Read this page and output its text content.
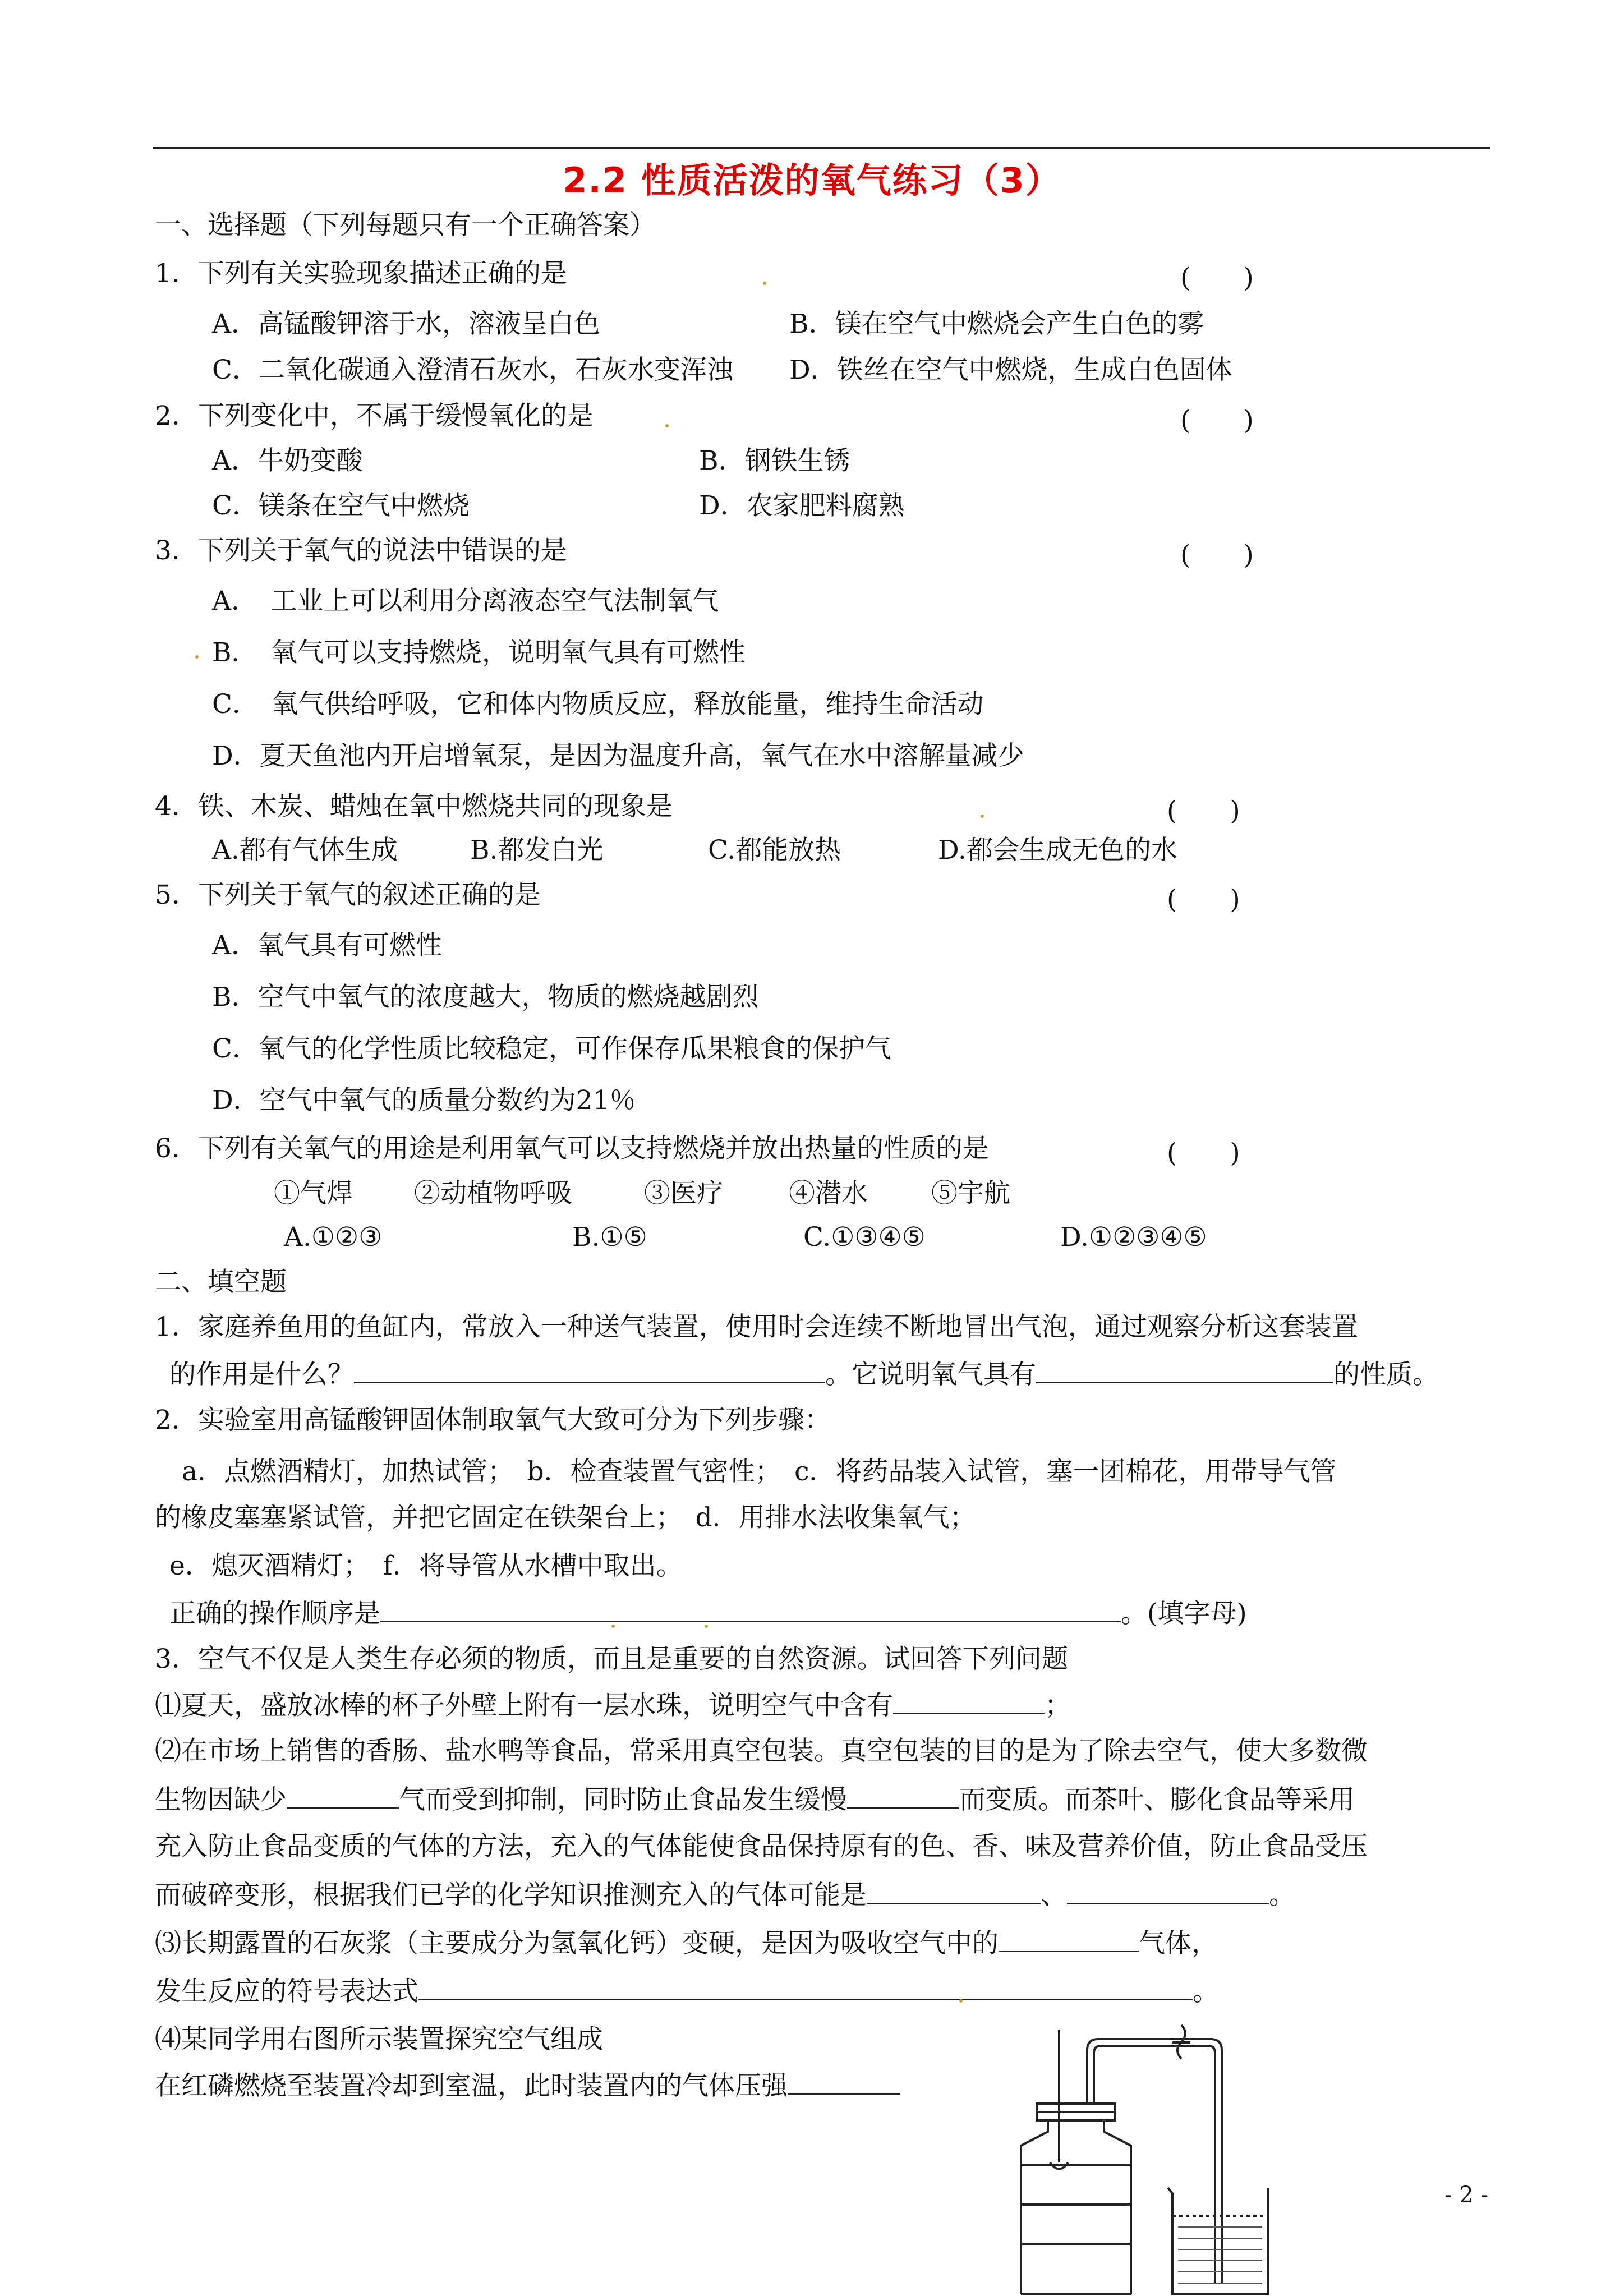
2.2 性质活泼的氧气练习（3）
一、选择题（下列每题只有一个正确答案）
1．下列有关实验现象描述正确的是	(　　)
A．高锰酸钾溶于水，溶液呈白色	B．镁在空气中燃烧会产生白色的雾
C．二氧化碳通入澄清石灰水，石灰水变浑浊 D．铁丝在空气中燃烧，生成白色固体
2．下列变化中，不属于缓慢氧化的是	(　　)
A．牛奶变酸	B．钢铁生锈
C．镁条在空气中燃烧	D．农家肥料腐熟
3．下列关于氧气的说法中错误的是	(　　)
A．　工业上可以利用分离液态空气法制氧气
B．　氧气可以支持燃烧，说明氧气具有可燃性
C．　氧气供给呼吸，它和体内物质反应，释放能量，维持生命活动
D．夏天鱼池内开启增氧泵，是因为温度升高，氧气在水中溶解量减少
4．铁、木炭、蜡烛在氧中燃烧共同的现象是	(　　)
A.都有气体生成	B.都发白光	C.都能放热	D.都会生成无色的水
5．下列关于氧气的叙述正确的是	(　　)
A．氧气具有可燃性
B．空气中氧气的浓度越大，物质的燃烧越剧烈
C．氧气的化学性质比较稳定，可作保存瓜果粮食的保护气
D．空气中氧气的质量分数约为21％
6．下列有关氧气的用途是利用氧气可以支持燃烧并放出热量的性质的是	(　　)
①气焊 ②动植物呼吸	③医疗 ④潜水 ⑤宇航
A.①②③	B.①⑤	C.①③④⑤	D.①②③④⑤
二、填空题
1．家庭养鱼用的鱼缸内，常放入一种送气装置，使用时会连续不断地冒出气泡，通过观察分析这套装置
的作用是什么？	。它说明氧气具有	的性质。
2．实验室用高锰酸钾固体制取氧气大致可分为下列步骤：
a．点燃酒精灯，加热试管；　b．检查装置气密性；　c．将药品装入试管，塞一团棉花，用带导气管
的橡皮塞塞紧试管，并把它固定在铁架台上；　d．用排水法收集氧气；
e．熄灭酒精灯；　f．将导管从水槽中取出。
正确的操作顺序是	。(填字母)
3．空气不仅是人类生存必须的物质，而且是重要的自然资源。试回答下列问题
⑴夏天，盛放冰棒的杯子外壁上附有一层水珠，说明空气中含有	；
⑵在市场上销售的香肠、盐水鸭等食品，常采用真空包装。真空包装的目的是为了除去空气，使大多数微
生物因缺少	气而受到抑制，同时防止食品发生缓慢	而变质。而茶叶、膨化食品等采用
充入防止食品变质的气体的方法，充入的气体能使食品保持原有的色、香、味及营养价值，防止食品受压
而破碎变形，根据我们已学的化学知识推测充入的气体可能是	、	。
⑶长期露置的石灰浆（主要成分为氢氧化钙）变硬，是因为吸收空气中的	气体，
发生反应的符号表达式	。
⑷某同学用右图所示装置探究空气组成
在红磷燃烧至装置冷却到室温，此时装置内的气体压强
- 2 -
